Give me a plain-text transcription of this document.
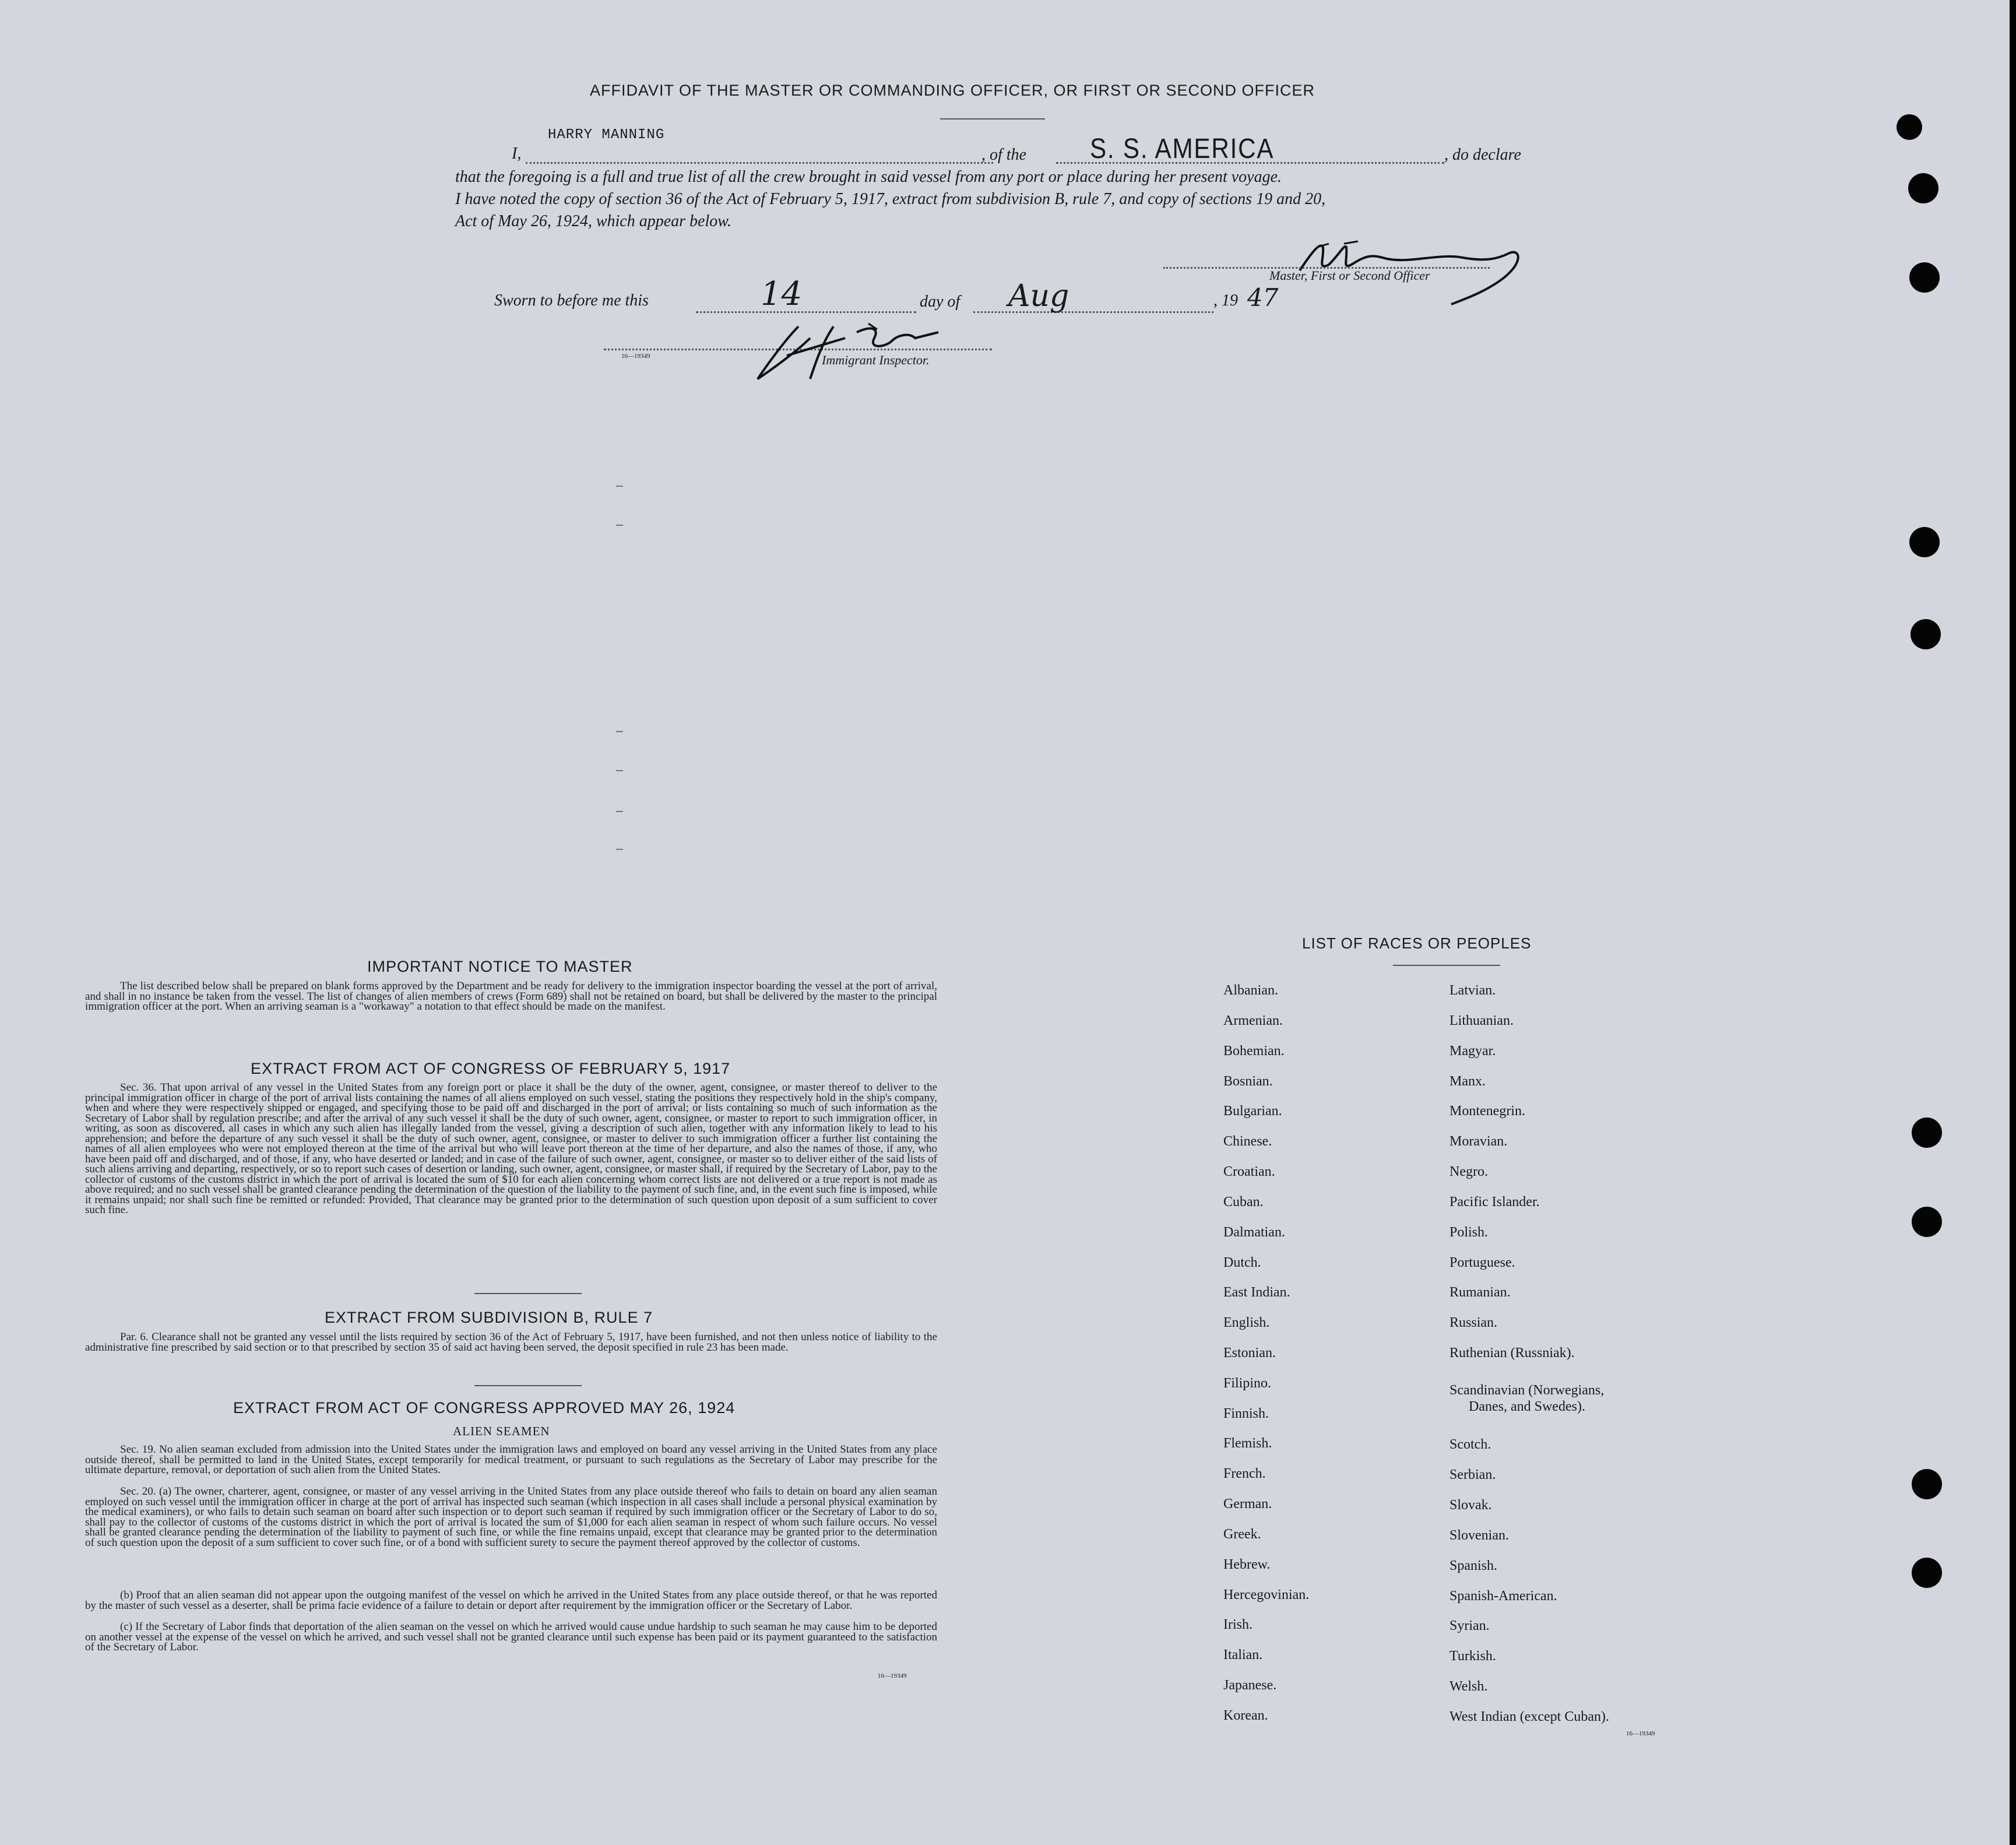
AFFIDAVIT OF THE MASTER OR COMMANDING OFFICER, OR FIRST OR SECOND OFFICER
I,
HARRY MANNING
, of the S. S. AMERICA	, do declare
that the foregoing is a full and true list of all the crew brought in said vessel from any port or place during her present voyage.
I have noted the copy of section 36 of the Act of February 5, 1917, extract from subdivision B, rule 7, and copy of sections 19 and 20,
Act of May 26, 1924, which appear below.
Master, First or Second Officer
Sworn to before me this	14	day of Aug	, 19 47
16—19349	Immigrant Inspector.
IMPORTANT NOTICE TO MASTER
The list described below shall be prepared on blank forms approved by the Department and be ready for delivery to the immigration inspector boarding the vessel at the port of arrival, and shall in no instance be taken from the vessel. The list of changes of alien members of crews (Form 689) shall not be retained on board, but shall be delivered by the master to the principal immigration officer at the port. When an arriving seaman is a "workaway" a notation to that effect should be made on the manifest.
EXTRACT FROM ACT OF CONGRESS OF FEBRUARY 5, 1917
Sec. 36. That upon arrival of any vessel in the United States from any foreign port or place it shall be the duty of the owner, agent, consignee, or master thereof to deliver to the principal immigration officer in charge of the port of arrival lists containing the names of all aliens employed on such vessel, stating the positions they respectively hold in the ship's company, when and where they were respectively shipped or engaged, and specifying those to be paid off and discharged in the port of arrival; or lists containing so much of such information as the Secretary of Labor shall by regulation prescribe; and after the arrival of any such vessel it shall be the duty of such owner, agent, consignee, or master to report to such immigration officer, in writing, as soon as discovered, all cases in which any such alien has illegally landed from the vessel, giving a description of such alien, together with any information likely to lead to his apprehension; and before the departure of any such vessel it shall be the duty of such owner, agent, consignee, or master to deliver to such immigration officer a further list containing the names of all alien employees who were not employed thereon at the time of the arrival but who will leave port thereon at the time of her departure, and also the names of those, if any, who have been paid off and discharged, and of those, if any, who have deserted or landed; and in case of the failure of such owner, agent, consignee, or master so to deliver either of the said lists of such aliens arriving and departing, respectively, or so to report such cases of desertion or landing, such owner, agent, consignee, or master shall, if required by the Secretary of Labor, pay to the collector of customs of the customs district in which the port of arrival is located the sum of $10 for each alien concerning whom correct lists are not delivered or a true report is not made as above required; and no such vessel shall be granted clearance pending the determination of the question of the liability to the payment of such fine, and, in the event such fine is imposed, while it remains unpaid; nor shall such fine be remitted or refunded: Provided, That clearance may be granted prior to the determination of such question upon deposit of a sum sufficient to cover such fine.
EXTRACT FROM SUBDIVISION B, RULE 7
Par. 6. Clearance shall not be granted any vessel until the lists required by section 36 of the Act of February 5, 1917, have been furnished, and not then unless notice of liability to the administrative fine prescribed by said section or to that prescribed by section 35 of said act having been served, the deposit specified in rule 23 has been made.
EXTRACT FROM ACT OF CONGRESS APPROVED MAY 26, 1924
ALIEN SEAMEN
Sec. 19. No alien seaman excluded from admission into the United States under the immigration laws and employed on board any vessel arriving in the United States from any place outside thereof, shall be permitted to land in the United States, except temporarily for medical treatment, or pursuant to such regulations as the Secretary of Labor may prescribe for the ultimate departure, removal, or deportation of such alien from the United States.
Sec. 20. (a) The owner, charterer, agent, consignee, or master of any vessel arriving in the United States from any place outside thereof who fails to detain on board any alien seaman employed on such vessel until the immigration officer in charge at the port of arrival has inspected such seaman (which inspection in all cases shall include a personal physical examination by the medical examiners), or who fails to detain such seaman on board after such inspection or to deport such seaman if required by such immigration officer or the Secretary of Labor to do so, shall pay to the collector of customs of the customs district in which the port of arrival is located the sum of $1,000 for each alien seaman in respect of whom such failure occurs. No vessel shall be granted clearance pending the determination of the liability to payment of such fine, or while the fine remains unpaid, except that clearance may be granted prior to the determination of such question upon the deposit of a sum sufficient to cover such fine, or of a bond with sufficient surety to secure the payment thereof approved by the collector of customs.
(b) Proof that an alien seaman did not appear upon the outgoing manifest of the vessel on which he arrived in the United States from any place outside thereof, or that he was reported by the master of such vessel as a deserter, shall be prima facie evidence of a failure to detain or deport after requirement by the immigration officer or the Secretary of Labor.
(c) If the Secretary of Labor finds that deportation of the alien seaman on the vessel on which he arrived would cause undue hardship to such seaman he may cause him to be deported on another vessel at the expense of the vessel on which he arrived, and such vessel shall not be granted clearance until such expense has been paid or its payment guaranteed to the satisfaction of the Secretary of Labor.
16—19349
LIST OF RACES OR PEOPLES
Albanian.
Armenian.
Bohemian.
Bosnian.
Bulgarian.
Chinese.
Croatian.
Cuban.
Dalmatian.
Dutch.
East Indian.
English.
Estonian.
Filipino.
Finnish.
Flemish.
French.
German.
Greek.
Hebrew.
Hercegovinian.
Irish.
Italian.
Japanese.
Korean.
Latvian.
Lithuanian.
Magyar.
Manx.
Montenegrin.
Moravian.
Negro.
Pacific Islander.
Polish.
Portuguese.
Rumanian.
Russian.
Ruthenian (Russniak).
Scandinavian (Norwegians,
Danes, and Swedes).
Scotch.
Serbian.
Slovak.
Slovenian.
Spanish.
Spanish-American.
Syrian.
Turkish.
Welsh.
West Indian (except Cuban).
16—19349
